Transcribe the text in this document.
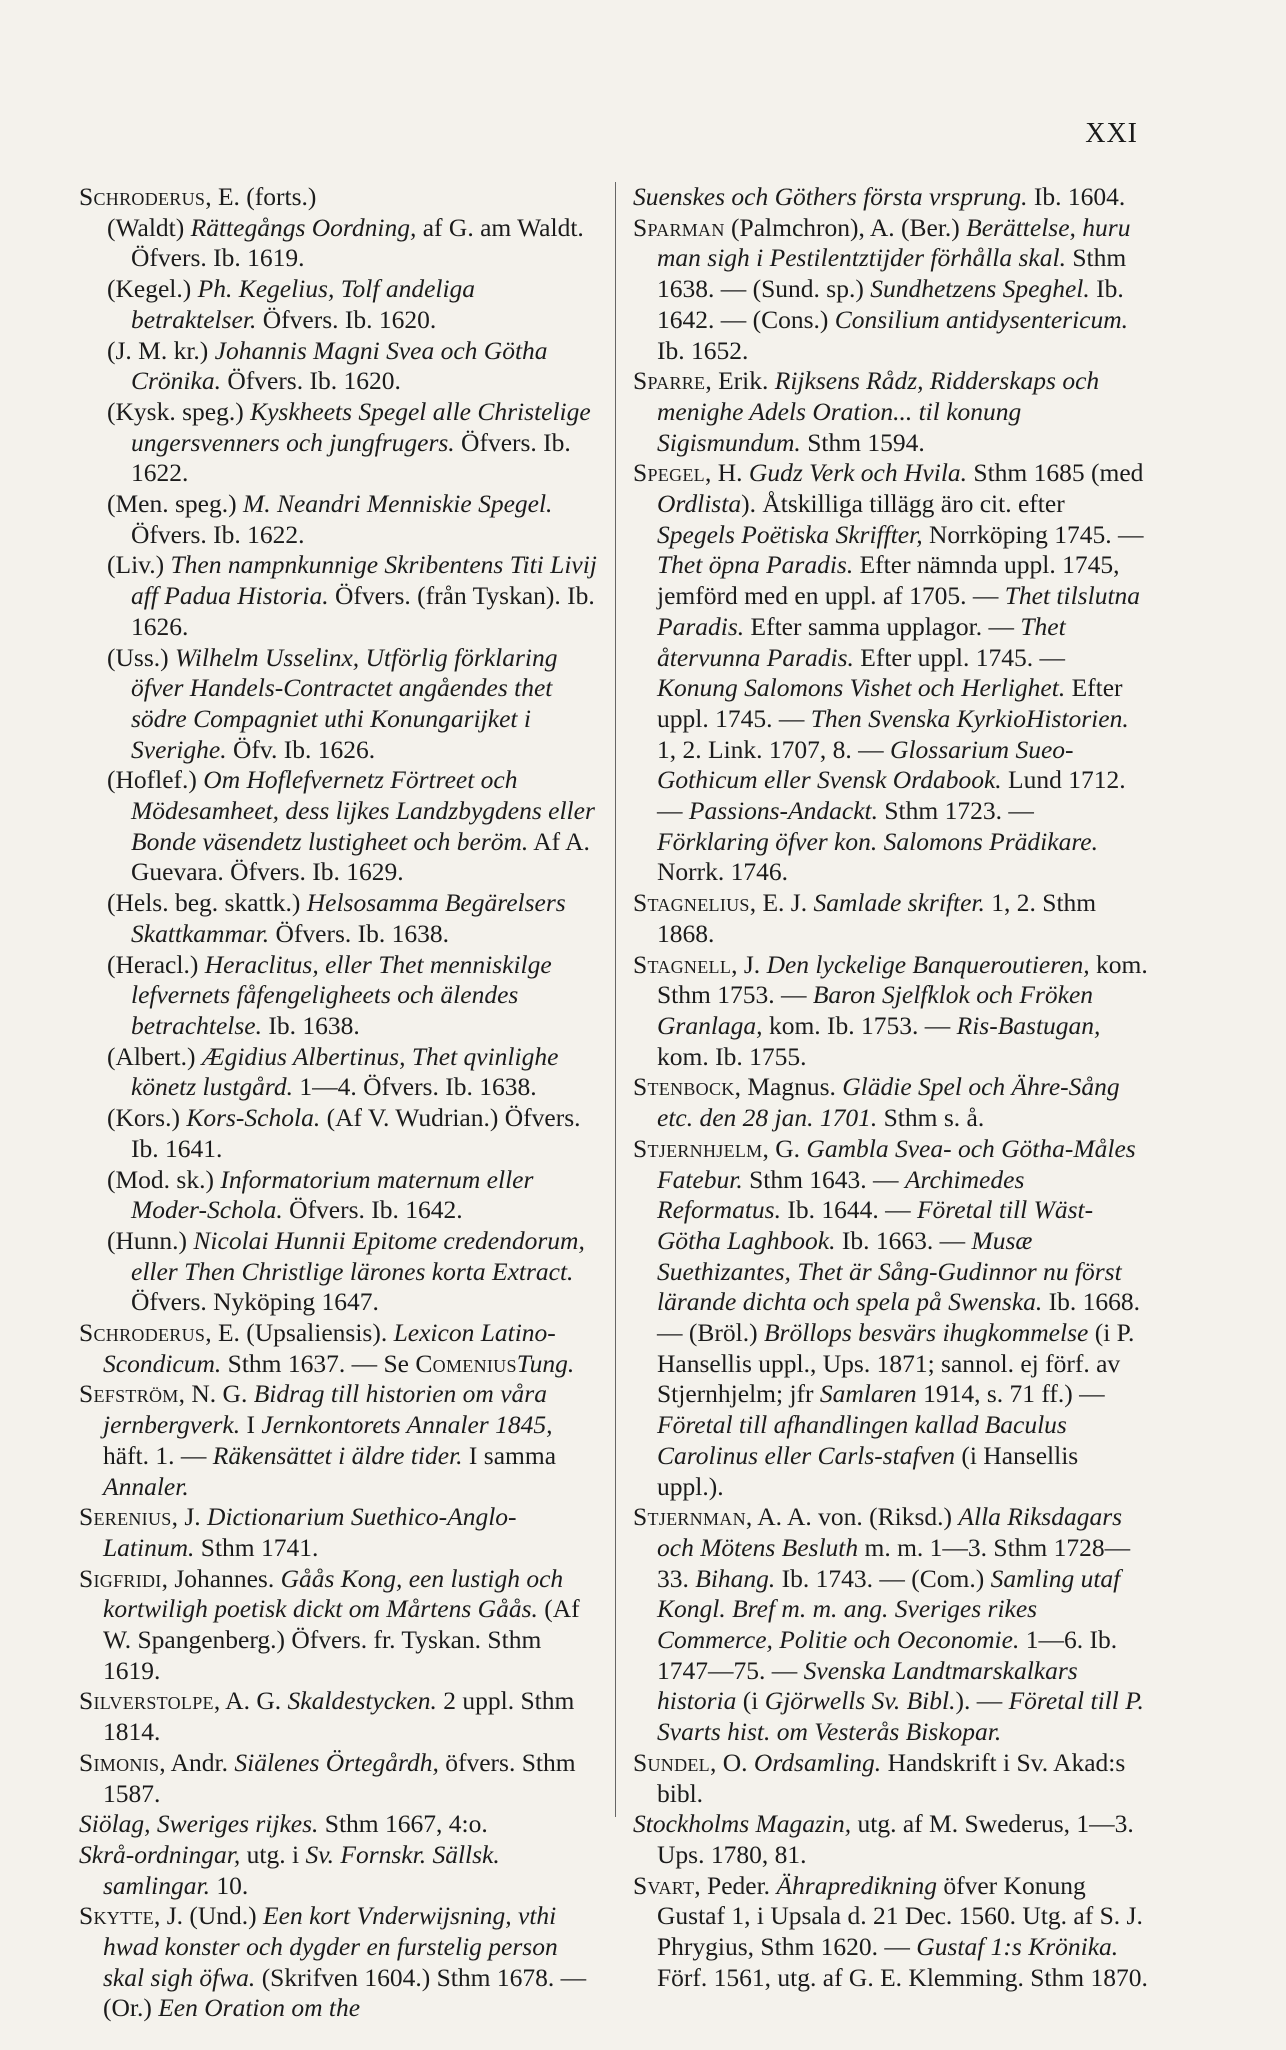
XXI

Schroderus, E. (forts.)

(Waldt) Rättegångs Oordning, af G. am Waldt. Öfvers. Ib. 1619.

(Kegel.) Ph. Kegelius, Tolf andeliga betraktelser. Öfvers. Ib. 1620.

(J. M. kr.) Johannis Magni Svea och Götha Crönika. Öfvers. Ib. 1620.

(Kysk. speg.) Kyskheets Spegel alle Christelige ungersvenners och jungfrugers. Öfvers. Ib. 1622.

(Men. speg.) M. Neandri Menniskie Spegel. Öfvers. Ib. 1622.

(Liv.) Then nampnkunnige Skribentens Titi Livij aff Padua Historia. Öfvers. (från Tyskan). Ib. 1626.

(Uss.) Wilhelm Usselinx, Utförlig förklaring öfver Handels-Contractet angåendes thet södre Compagniet uthi Konungarijket i Sverighe. Öfv. Ib. 1626.

(Hoflef.) Om Hoflefvernetz Förtreet och Mödesamheet, dess lijkes Landzbygdens eller Bonde väsendetz lustigheet och beröm. Af A. Guevara. Öfvers. Ib. 1629.

(Hels. beg. skattk.) Helsosamma Begärelsers Skattkammar. Öfvers. Ib. 1638.

(Heracl.) Heraclitus, eller Thet menniskilge lefvernets fåfengeligheets och älendes betrachtelse. Ib. 1638.

(Albert.) Ægidius Albertinus, Thet qvinlighe könetz lustgård. 1—4. Öfvers. Ib. 1638.

(Kors.) Kors-Schola. (Af V. Wudrian.) Öfvers. Ib. 1641.

(Mod. sk.) Informatorium maternum eller Moder-Schola. Öfvers. Ib. 1642.

(Hunn.) Nicolai Hunnii Epitome credendorum, eller Then Christlige lärones korta Extract. Öfvers. Nyköping 1647.

Schroderus, E. (Upsaliensis). Lexicon Latino-Scondicum. Sthm 1637. — Se ComeniusTung.

Sefström, N. G. Bidrag till historien om våra jernbergverk. I Jernkontorets Annaler 1845, häft. 1. — Räkensättet i äldre tider. I samma Annaler.

Serenius, J. Dictionarium Suethico-Anglo-Latinum. Sthm 1741.

Sigfridi, Johannes. Gåås Kong, een lustigh och kortwiligh poetisk dickt om Mårtens Gåås. (Af W. Spangenberg.) Öfvers. fr. Tyskan. Sthm 1619.

Silverstolpe, A. G. Skaldestycken. 2 uppl. Sthm 1814.

Simonis, Andr. Siälenes Örtegårdh, öfvers. Sthm 1587.

Siölag, Sweriges rijkes. Sthm 1667, 4:o.

Skrå-ordningar, utg. i Sv. Fornskr. Sällsk. samlingar. 10.

Skytte, J. (Und.) Een kort Vnderwijsning, vthi hwad konster och dygder en furstelig person skal sigh öfwa. (Skrifven 1604.) Sthm 1678. — (Or.) Een Oration om the

Suenskes och Göthers första vrsprung. Ib. 1604.

Sparman (Palmchron), A. (Ber.) Berättelse, huru man sigh i Pestilentztijder förhålla skal. Sthm 1638. — (Sund. sp.) Sundhetzens Speghel. Ib. 1642. — (Cons.) Consilium antidysentericum. Ib. 1652.

Sparre, Erik. Rijksens Rådz, Ridderskaps och menighe Adels Oration... til konung Sigismundum. Sthm 1594.

Spegel, H. Gudz Verk och Hvila. Sthm 1685 (med Ordlista). Åtskilliga tillägg äro cit. efter Spegels Poëtiska Skriffter, Norrköping 1745. — Thet öpna Paradis. Efter nämnda uppl. 1745, jemförd med en uppl. af 1705. — Thet tilslutna Paradis. Efter samma upplagor. — Thet återvunna Paradis. Efter uppl. 1745. — Konung Salomons Vishet och Herlighet. Efter uppl. 1745. — Then Svenska KyrkioHistorien. 1, 2. Link. 1707, 8. — Glossarium Sueo-Gothicum eller Svensk Ordabook. Lund 1712. — Passions-Andackt. Sthm 1723. — Förklaring öfver kon. Salomons Prädikare. Norrk. 1746.

Stagnelius, E. J. Samlade skrifter. 1, 2. Sthm 1868.

Stagnell, J. Den lyckelige Banqueroutieren, kom. Sthm 1753. — Baron Sjelfklok och Fröken Granlaga, kom. Ib. 1753. — Ris-Bastugan, kom. Ib. 1755.

Stenbock, Magnus. Glädie Spel och Ähre-Sång etc. den 28 jan. 1701. Sthm s. å.

Stjernhjelm, G. Gambla Svea- och Götha-Måles Fatebur. Sthm 1643. — Archimedes Reformatus. Ib. 1644. — Företal till Wäst-Götha Laghbook. Ib. 1663. — Musæ Suethizantes, Thet är Sång-Gudinnor nu först lärande dichta och spela på Swenska. Ib. 1668. — (Bröl.) Bröllops besvärs ihugkommelse (i P. Hansellis uppl., Ups. 1871; sannol. ej förf. av Stjernhjelm; jfr Samlaren 1914, s. 71 ff.) — Företal till afhandlingen kallad Baculus Carolinus eller Carls-stafven (i Hansellis uppl.).

Stjernman, A. A. von. (Riksd.) Alla Riksdagars och Mötens Besluth m. m. 1—3. Sthm 1728—33. Bihang. Ib. 1743. — (Com.) Samling utaf Kongl. Bref m. m. ang. Sveriges rikes Commerce, Politie och Oeconomie. 1—6. Ib. 1747—75. — Svenska Landtmarskalkars historia (i Gjörwells Sv. Bibl.). — Företal till P. Svarts hist. om Vesterås Biskopar.

Sundel, O. Ordsamling. Handskrift i Sv. Akad:s bibl.

Stockholms Magazin, utg. af M. Swederus, 1—3. Ups. 1780, 81.

Svart, Peder. Ährapredikning öfver Konung Gustaf 1, i Upsala d. 21 Dec. 1560. Utg. af S. J. Phrygius, Sthm 1620. — Gustaf 1:s Krönika. Förf. 1561, utg. af G. E. Klemming. Sthm 1870.
